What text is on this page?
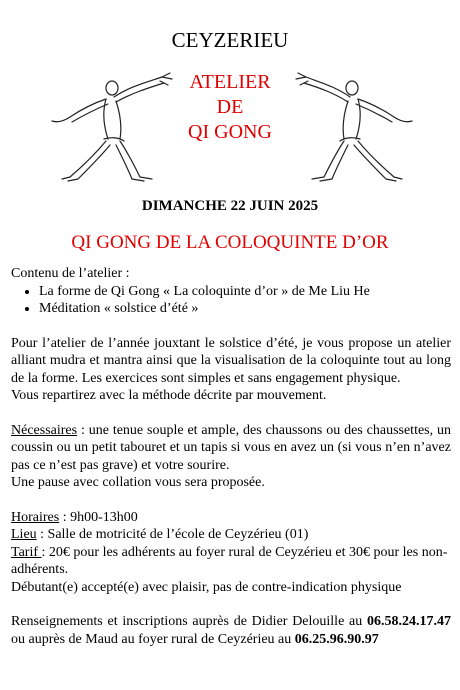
CEYZERIEU
ATELIER
DE
QI GONG
DIMANCHE 22 JUIN 2025
QI GONG DE LA COLOQUINTE D’OR

Contenu de l’atelier :

• La forme de Qi Gong « La coloquinte d’or » de Me Liu He
• Méditation « solstice d’été »

Pour l’atelier de l’année jouxtant le solstice d’été, je vous propose un atelier alliant mudra et mantra ainsi que la visualisation de la coloquinte tout au long de la forme. Les exercices sont simples et sans engagement physique.

Vous repartirez avec la méthode décrite par mouvement.

Nécessaires : une tenue souple et ample, des chaussons ou des chaussettes, un coussin ou un petit tabouret et un tapis si vous en avez un (si vous n’en n’avez pas ce n’est pas grave) et votre sourire.

Une pause avec collation vous sera proposée.

Horaires : 9h00-13h00

Lieu : Salle de motricité de l’école de Ceyzérieu (01)

Tarif : 20€ pour les adhérents au foyer rural de Ceyzérieu et 30€ pour les non-adhérents.

Débutant(e) accepté(e) avec plaisir, pas de contre-indication physique

Renseignements et inscriptions auprès de Didier Delouille au 06.58.24.17.47 ou auprès de Maud au foyer rural de Ceyzérieu au 06.25.96.90.97
